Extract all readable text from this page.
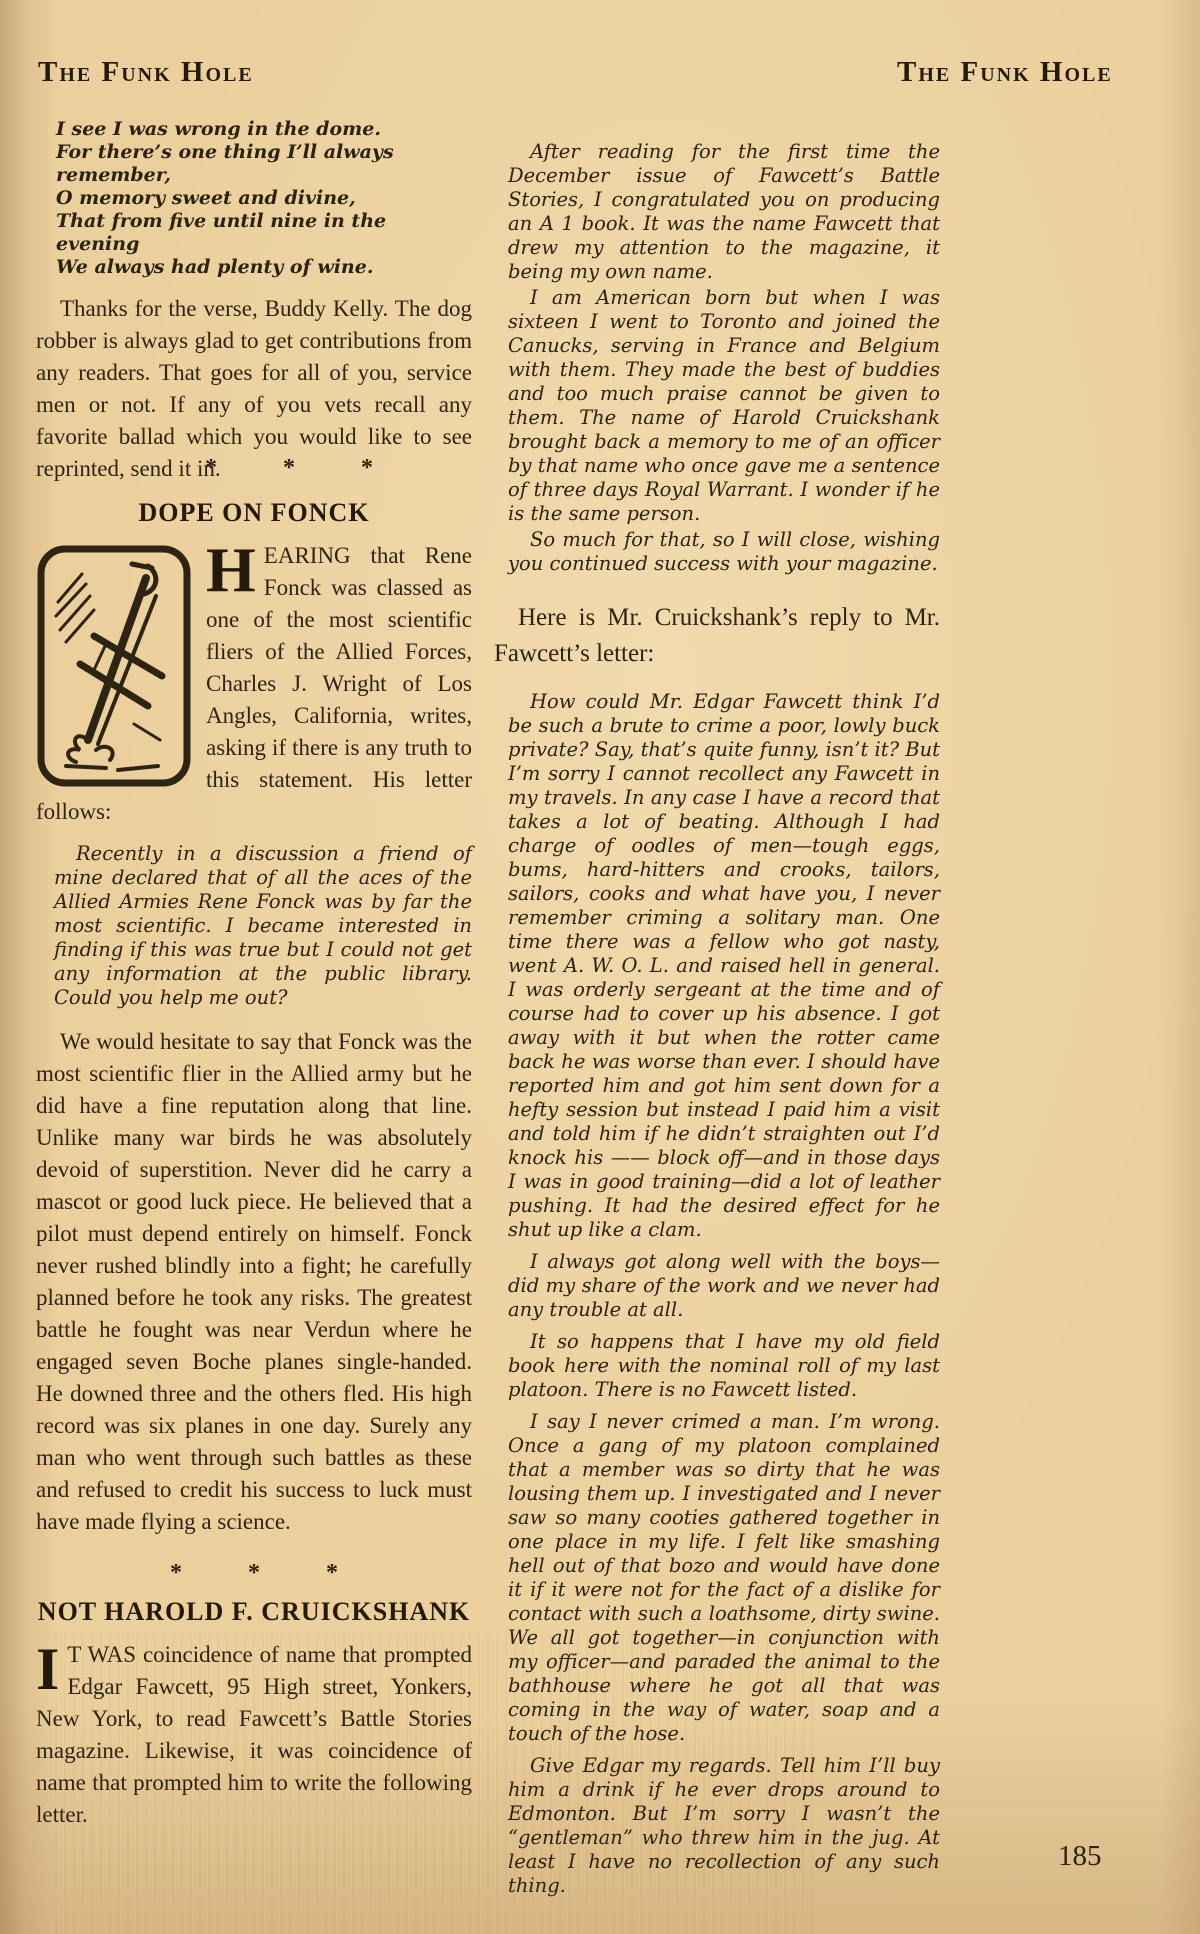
The Funk Hole	The Funk Hole
I see I was wrong in the dome.
For there’s one thing I’ll always remember,
O memory sweet and divine,
That from five until nine in the evening
We always had plenty of wine.

Thanks for the verse, Buddy Kelly. The dog robber is always glad to get contributions from any readers. That goes for all of you, service men or not. If any of you vets recall any favorite ballad which you would like to see reprinted, send it in.

* * *
DOPE ON FONCK
H EARING that Rene Fonck was classed as one of the most scientific fliers of the Allied Forces, Charles J. Wright of Los Angles, California, writes, asking if there is any truth to this statement. His letter follows:

Recently in a discussion a friend of mine declared that of all the aces of the Allied Armies Rene Fonck was by far the most scientific. I became interested in finding if this was true but I could not get any information at the public library. Could you help me out?

We would hesitate to say that Fonck was the most scientific flier in the Allied army but he did have a fine reputation along that line. Unlike many war birds he was absolutely devoid of superstition. Never did he carry a mascot or good luck piece. He believed that a pilot must depend entirely on himself. Fonck never rushed blindly into a fight; he carefully planned before he took any risks. The greatest battle he fought was near Verdun where he engaged seven Boche planes single-handed. He downed three and the others fled. His high record was six planes in one day. Surely any man who went through such battles as these and refused to credit his success to luck must have made flying a science.

* * *
NOT HAROLD F. CRUICKSHANK
I T WAS coincidence of name that prompted Edgar Fawcett, 95 High street, Yonkers, New York, to read Fawcett’s Battle Stories magazine. Likewise, it was coincidence of name that prompted him to write the following letter.

After reading for the first time the December issue of Fawcett’s Battle Stories, I congratulated you on producing an A 1 book. It was the name Fawcett that drew my attention to the magazine, it being my own name.

I am American born but when I was sixteen I went to Toronto and joined the Canucks, serving in France and Belgium with them. They made the best of buddies and too much praise cannot be given to them. The name of Harold Cruickshank brought back a memory to me of an officer by that name who once gave me a sentence of three days Royal Warrant. I wonder if he is the same person.

So much for that, so I will close, wishing you continued success with your magazine.

Here is Mr. Cruickshank’s reply to Mr. Fawcett’s letter:

How could Mr. Edgar Fawcett think I’d be such a brute to crime a poor, lowly buck private? Say, that’s quite funny, isn’t it? But I’m sorry I cannot recollect any Fawcett in my travels. In any case I have a record that takes a lot of beating. Although I had charge of oodles of men—tough eggs, bums, hard-hitters and crooks, tailors, sailors, cooks and what have you, I never remember criming a solitary man. One time there was a fellow who got nasty, went A. W. O. L. and raised hell in general. I was orderly sergeant at the time and of course had to cover up his absence. I got away with it but when the rotter came back he was worse than ever. I should have reported him and got him sent down for a hefty session but instead I paid him a visit and told him if he didn’t straighten out I’d knock his —— block off—and in those days I was in good training—did a lot of leather pushing. It had the desired effect for he shut up like a clam.

I always got along well with the boys—did my share of the work and we never had any trouble at all.

It so happens that I have my old field book here with the nominal roll of my last platoon. There is no Fawcett listed.

I say I never crimed a man. I’m wrong. Once a gang of my platoon complained that a member was so dirty that he was lousing them up. I investigated and I never saw so many cooties gathered together in one place in my life. I felt like smashing hell out of that bozo and would have done it if it were not for the fact of a dislike for contact with such a loathsome, dirty swine. We all got together—in conjunction with my officer—and paraded the animal to the bathhouse where he got all that was coming in the way of water, soap and a touch of the hose.

Give Edgar my regards. Tell him I’ll buy him a drink if he ever drops around to Edmonton. But I’m sorry I wasn’t the “gentleman” who threw him in the jug. At least I have no recollection of any such thing.

185
